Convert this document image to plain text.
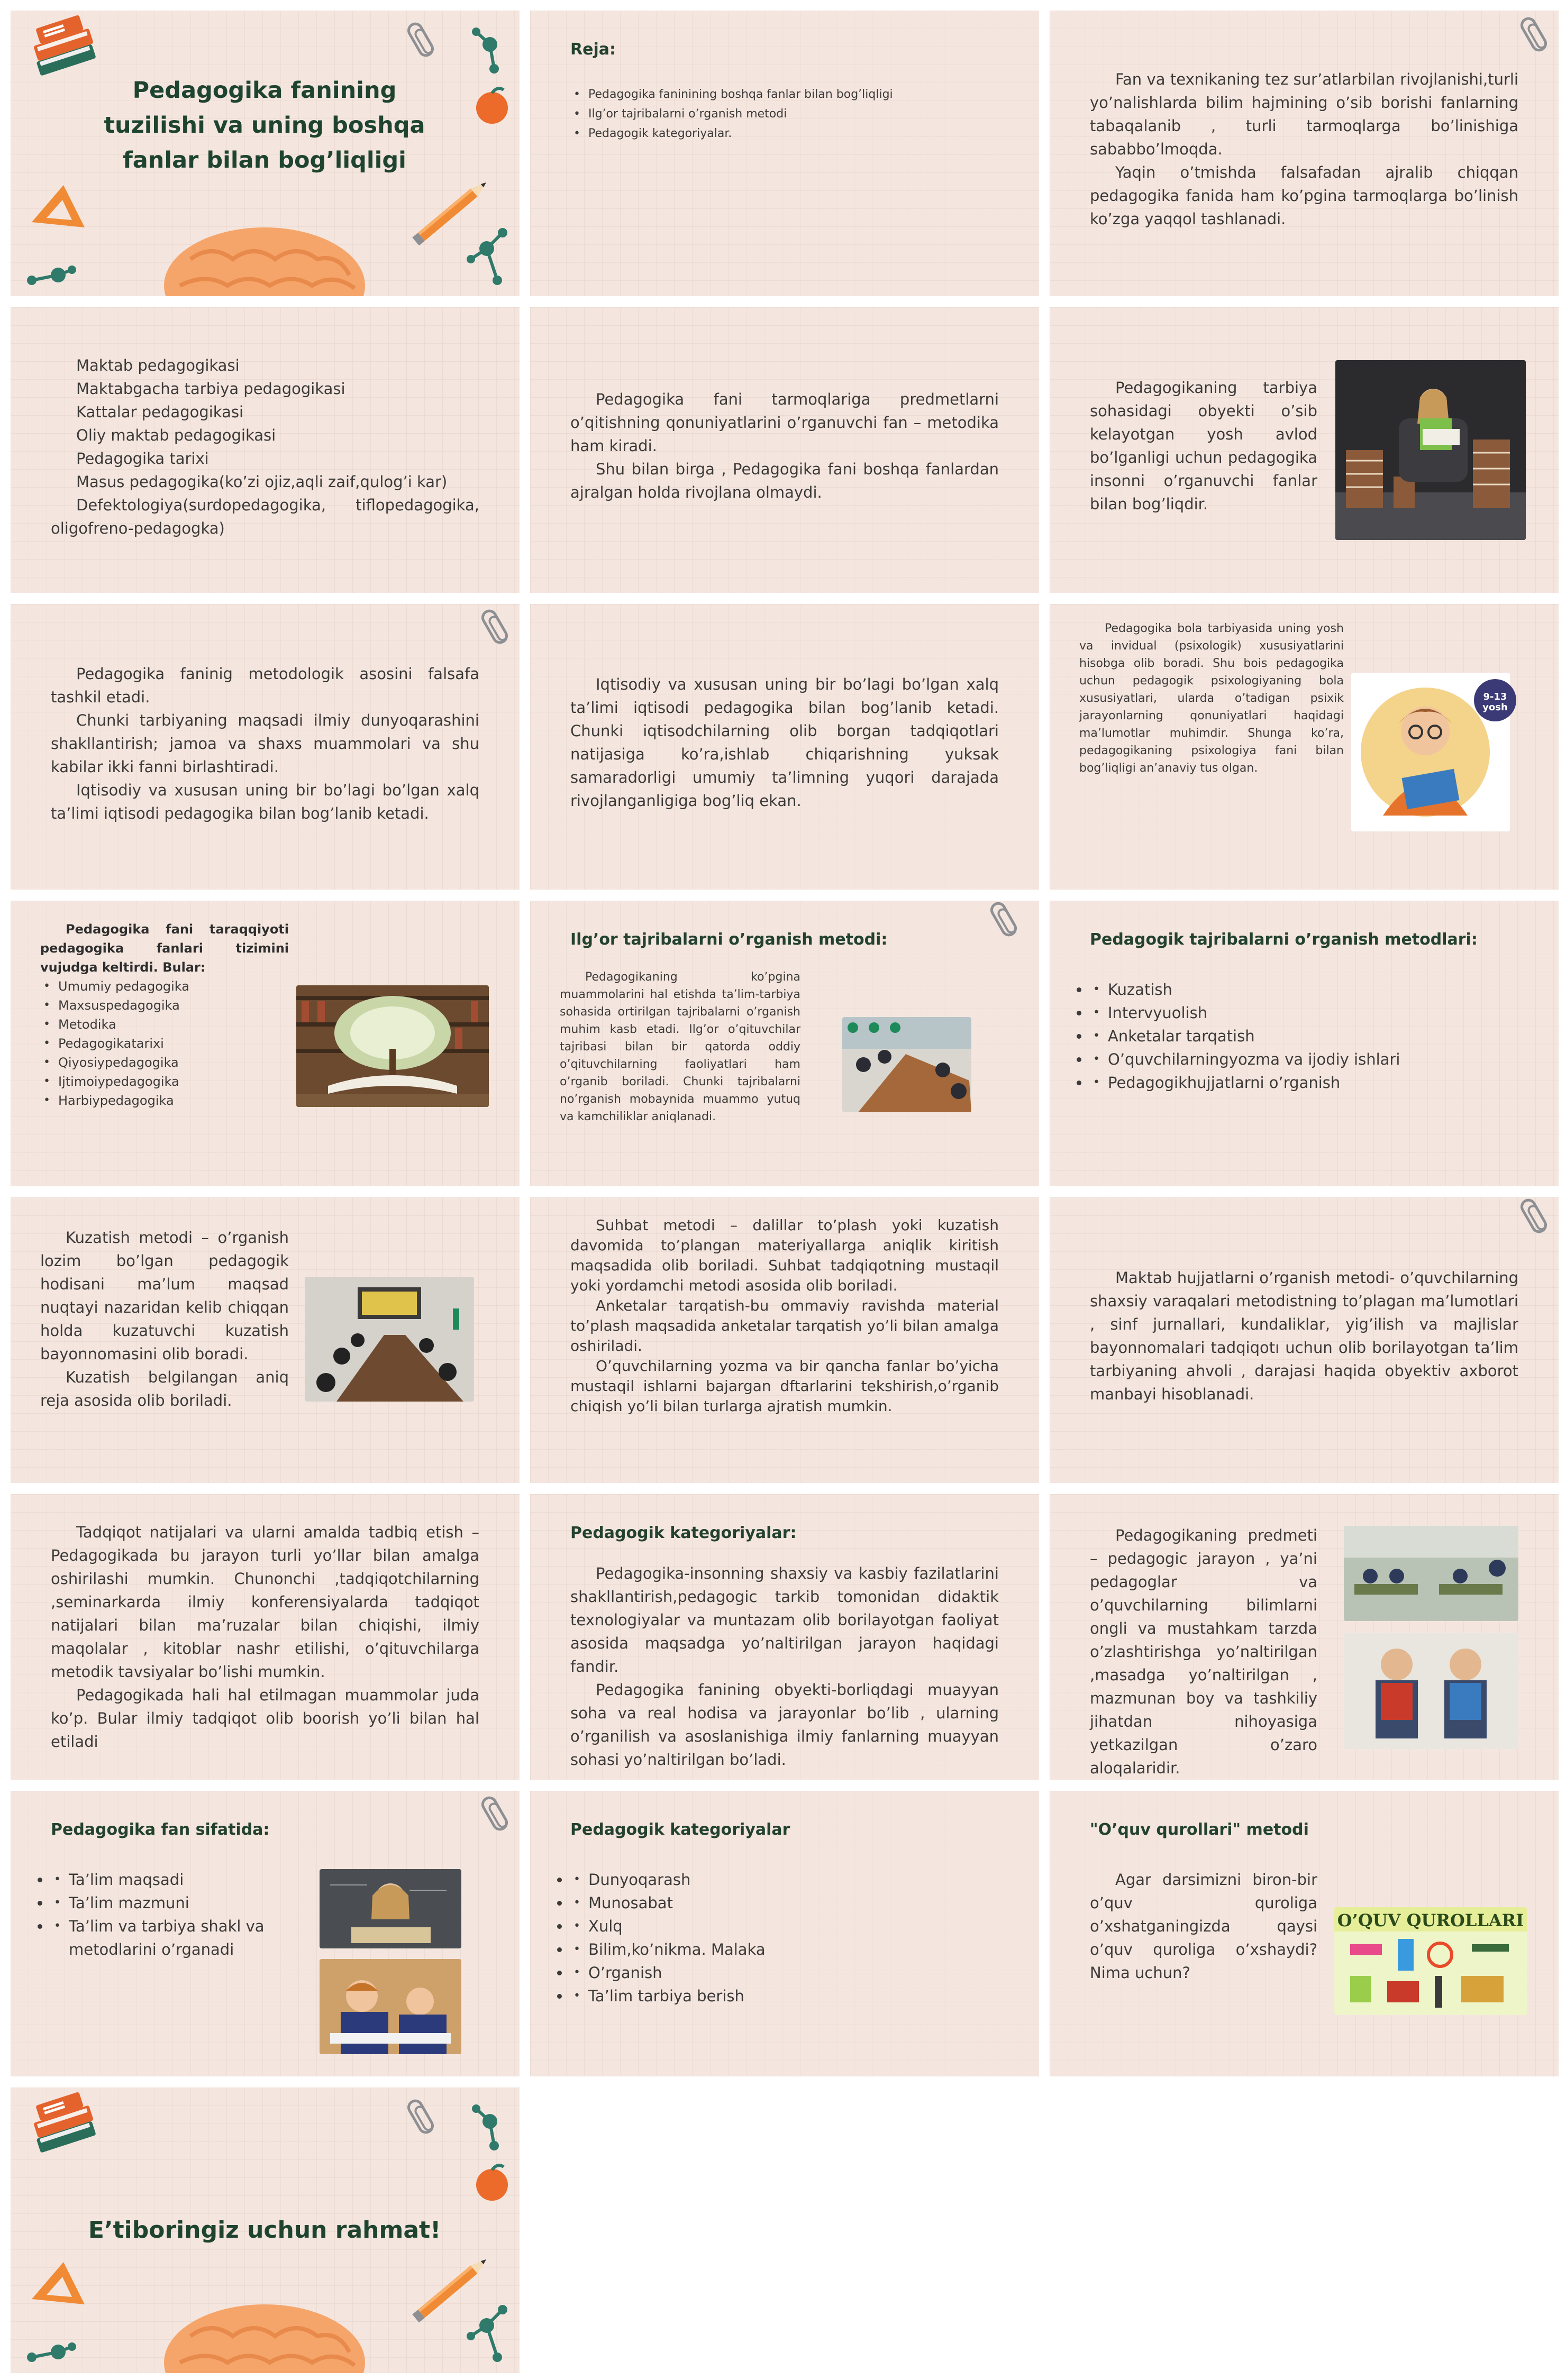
Pedagogika fanining tuzilishi va uning boshqa fanlar bilan bog’liqligi
Reja:
• Pedagogika faninining boshqa fanlar bilan bog’liqligi
• Ilg’or tajribalarni o’rganish metodi
• Pedagogik kategoriyalar.

Fan va texnikaning tez sur’atlarbilan rivojlanishi,turli yo’nalishlarda bilim hajmining o’sib borishi fanlarning tabaqalanib , turli tarmoqlarga bo’linishiga sababbo’lmoqda.

Yaqin o’tmishda falsafadan ajralib chiqqan pedagogika fanida ham ko’pgina tarmoqlarga bo’linish ko’zga yaqqol tashlanadi.

Maktab pedagogikasi

Maktabgacha tarbiya pedagogikasi

Kattalar pedagogikasi

Oliy maktab pedagogikasi

Pedagogika tarixi

Masus pedagogika(ko’zi ojiz,aqli zaif,qulog’i kar)

Defektologiya(surdopedagogika, tiflopedagogika, oligofreno-pedagogka)

Pedagogika fani tarmoqlariga predmetlarni o’qitishning qonuniyatlarini o’rganuvchi fan – metodika ham kiradi.

Shu bilan birga , Pedagogika fani boshqa fanlardan ajralgan holda rivojlana olmaydi.

Pedagogikaning tarbiya sohasidagi obyekti o’sib kelayotgan yosh avlod bo’lganligi uchun pedagogika insonni o’rganuvchi fanlar bilan bog’liqdir.

Pedagogika faninig metodologik asosini falsafa tashkil etadi.

Chunki tarbiyaning maqsadi ilmiy dunyoqarashini shakllantirish; jamoa va shaxs muammolari va shu kabilar ikki fanni birlashtiradi.

Iqtisodiy va xususan uning bir bo’lagi bo’lgan xalq ta’limi iqtisodi pedagogika bilan bog’lanib ketadi.

Iqtisodiy va xususan uning bir bo’lagi bo’lgan xalq ta’limi iqtisodi pedagogika bilan bog’lanib ketadi. Chunki iqtisodchilarning olib borgan tadqiqotlari natijasiga ko’ra,ishlab chiqarishning yuksak samaradorligi umumiy ta’limning yuqori darajada rivojlanganligiga bog’liq ekan.

Pedagogika bola tarbiyasida uning yosh va invidual (psixologik) xususiyatlarini hisobga olib boradi. Shu bois pedagogika uchun pedagogik psixologiyaning bola xususiyatlari, ularda o’tadigan psixik jarayonlarning qonuniyatlari haqidagi ma’lumotlar muhimdir. Shunga ko’ra, pedagogikaning psixologiya fani bilan bog’liqligi an’anaviy tus olgan.

9-13 yosh

Pedagogika fani taraqqiyoti pedagogika fanlari tizimini vujudga keltirdi. Bular:

• Umumiy pedagogika
• Maxsuspedagogika
• Metodika
• Pedagogikatarixi
• Qiyosiypedagogika
• Ijtimoiypedagogika
• Harbiypedagogika
Ilg’or tajribalarni o’rganish metodi:

Pedagogikaning ko’pgina muammolarini hal etishda ta’lim-tarbiya sohasida ortirilgan tajribalarni o’rganish muhim kasb etadi. Ilg’or o’qituvchilar tajribasi bilan bir qatorda oddiy o’qituvchilarning faoliyatlari ham o’rganib boriladi. Chunki tajribalarni no’rganish mobaynida muammo yutuq va kamchiliklar aniqlanadi.

Pedagogik tajribalarni o’rganish metodlari:
• • Kuzatish
• • Intervyuolish
• • Anketalar tarqatish
• • O’quvchilarningyozma va ijodiy ishlari
• • Pedagogikhujjatlarni o’rganish

Kuzatish metodi – o’rganish lozim bo’lgan pedagogik hodisani ma’lum maqsad nuqtayi nazaridan kelib chiqqan holda kuzatuvchi kuzatish bayonnomasini olib boradi.

Kuzatish belgilangan aniq reja asosida olib boriladi.

Suhbat metodi – dalillar to’plash yoki kuzatish davomida to’plangan materiyallarga aniqlik kiritish maqsadida olib boriladi. Suhbat tadqiqotning mustaqil yoki yordamchi metodi asosida olib boriladi.

Anketalar tarqatish-bu ommaviy ravishda material to’plash maqsadida anketalar tarqatish yo’li bilan amalga oshiriladi.

O’quvchilarning yozma va bir qancha fanlar bo’yicha mustaqil ishlarni bajargan dftarlarini tekshirish,o’rganib chiqish yo’li bilan turlarga ajratish mumkin.

Maktab hujjatlarni o’rganish metodi- o’quvchilarning shaxsiy varaqalari metodistning to’plagan ma’lumotlari , sinf jurnallari, kundaliklar, yig’ilish va majlislar bayonnomalari tadqiqotı uchun olib borilayotgan ta’lim tarbiyaning ahvoli , darajasi haqida obyektiv axborot manbayi hisoblanadi.

Tadqiqot natijalari va ularni amalda tadbiq etish – Pedagogikada bu jarayon turli yo’llar bilan amalga oshirilashi mumkin. Chunonchi ,tadqiqotchilarning ,seminarkarda ilmiy konferensiyalarda tadqiqot natijalari bilan ma’ruzalar bilan chiqishi, ilmiy maqolalar , kitoblar nashr etilishi, o’qituvchilarga metodik tavsiyalar bo’lishi mumkin.

Pedagogikada hali hal etilmagan muammolar juda ko’p. Bular ilmiy tadqiqot olib boorish yo’li bilan hal etiladi

Pedagogik kategoriyalar:

Pedagogika-insonning shaxsiy va kasbiy fazilatlarini shakllantirish,pedagogic tarkib tomonidan didaktik texnologiyalar va muntazam olib borilayotgan faoliyat asosida maqsadga yo’naltirilgan jarayon haqidagi fandir.

Pedagogika fanining obyekti-borliqdagi muayyan soha va real hodisa va jarayonlar bo’lib , ularning o’rganilish va asoslanishiga ilmiy fanlarning muayyan sohasi yo’naltirilgan bo’ladi.

Pedagogikaning predmeti – pedagogic jarayon , ya’ni pedagoglar va o’quvchilarning bilimlarni ongli va mustahkam tarzda o’zlashtirishga yo’naltirilgan ,masadga yo’naltirilgan , mazmunan boy va tashkiliy jihatdan nihoyasiga yetkazilgan o’zaro aloqalaridir.

Pedagogika fan sifatida:
• • Ta’lim maqsadi
• • Ta’lim mazmuni
• • Ta’lim va tarbiya shakl va metodlarini o’rganadi
Pedagogik kategoriyalar
• • Dunyoqarash
• • Munosabat
• • Xulq
• • Bilim,ko’nikma. Malaka
• • O’rganish
• • Ta’lim tarbiya berish
"O’quv qurollari" metodi

Agar darsimizni biron-bir o’quv quroliga o’xshatganingizda qaysi o’quv quroliga o’xshaydi? Nima uchun?

O’QUV QUROLLARI
E’tiboringiz uchun rahmat!
